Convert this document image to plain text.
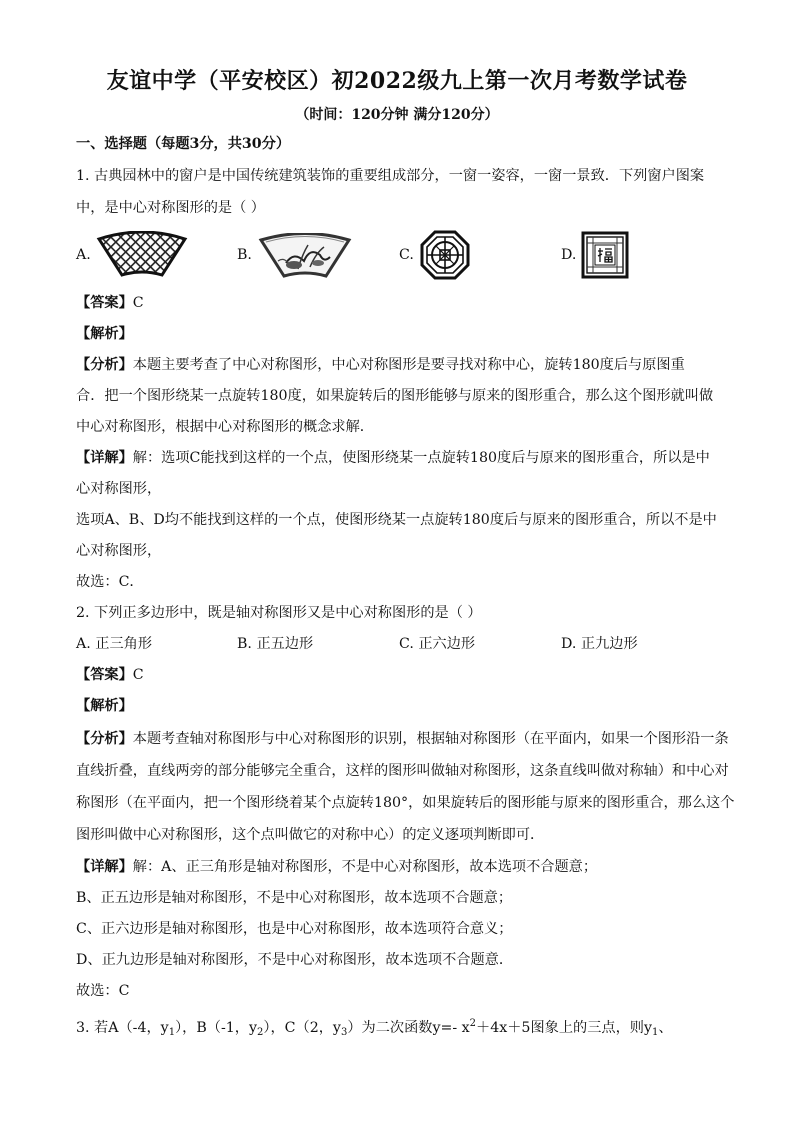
友谊中学（平安校区）初2022级九上第一次月考数学试卷
（时间：120分钟 满分120分）
一、选择题（每题3分，共30分）
1. 古典园林中的窗户是中国传统建筑装饰的重要组成部分，一窗一姿容，一窗一景致．下列窗户图案
中，是中心对称图形的是（ ）
A.	B.	C.	D.
【答案】C
【解析】
【分析】本题主要考查了中心对称图形，中心对称图形是要寻找对称中心，旋转180度后与原图重
合．把一个图形绕某一点旋转180度，如果旋转后的图形能够与原来的图形重合，那么这个图形就叫做
中心对称图形，根据中心对称图形的概念求解．
【详解】解：选项C能找到这样的一个点，使图形绕某一点旋转180度后与原来的图形重合，所以是中
心对称图形，
选项A、B、D均不能找到这样的一个点，使图形绕某一点旋转180度后与原来的图形重合，所以不是中
心对称图形，
故选：C．
2. 下列正多边形中，既是轴对称图形又是中心对称图形的是（ ）
A. 正三角形	B. 正五边形	C. 正六边形	D. 正九边形
【答案】C
【解析】
【分析】本题考查轴对称图形与中心对称图形的识别，根据轴对称图形（在平面内，如果一个图形沿一条
直线折叠，直线两旁的部分能够完全重合，这样的图形叫做轴对称图形，这条直线叫做对称轴）和中心对
称图形（在平面内，把一个图形绕着某个点旋转180°，如果旋转后的图形能与原来的图形重合，那么这个
图形叫做中心对称图形，这个点叫做它的对称中心）的定义逐项判断即可．
【详解】解：A、正三角形是轴对称图形，不是中心对称图形，故本选项不合题意；
B、正五边形是轴对称图形，不是中心对称图形，故本选项不合题意；
C、正六边形是轴对称图形，也是中心对称图形，故本选项符合意义；
D、正九边形是轴对称图形，不是中心对称图形，故本选项不合题意．
故选：C
3. 若A（-4，$y_1$），B（-1，$y_2$），C（2，$y_3$）为二次函数y=- $x^2+4x+5$图象上的三点，则$y_1$、
